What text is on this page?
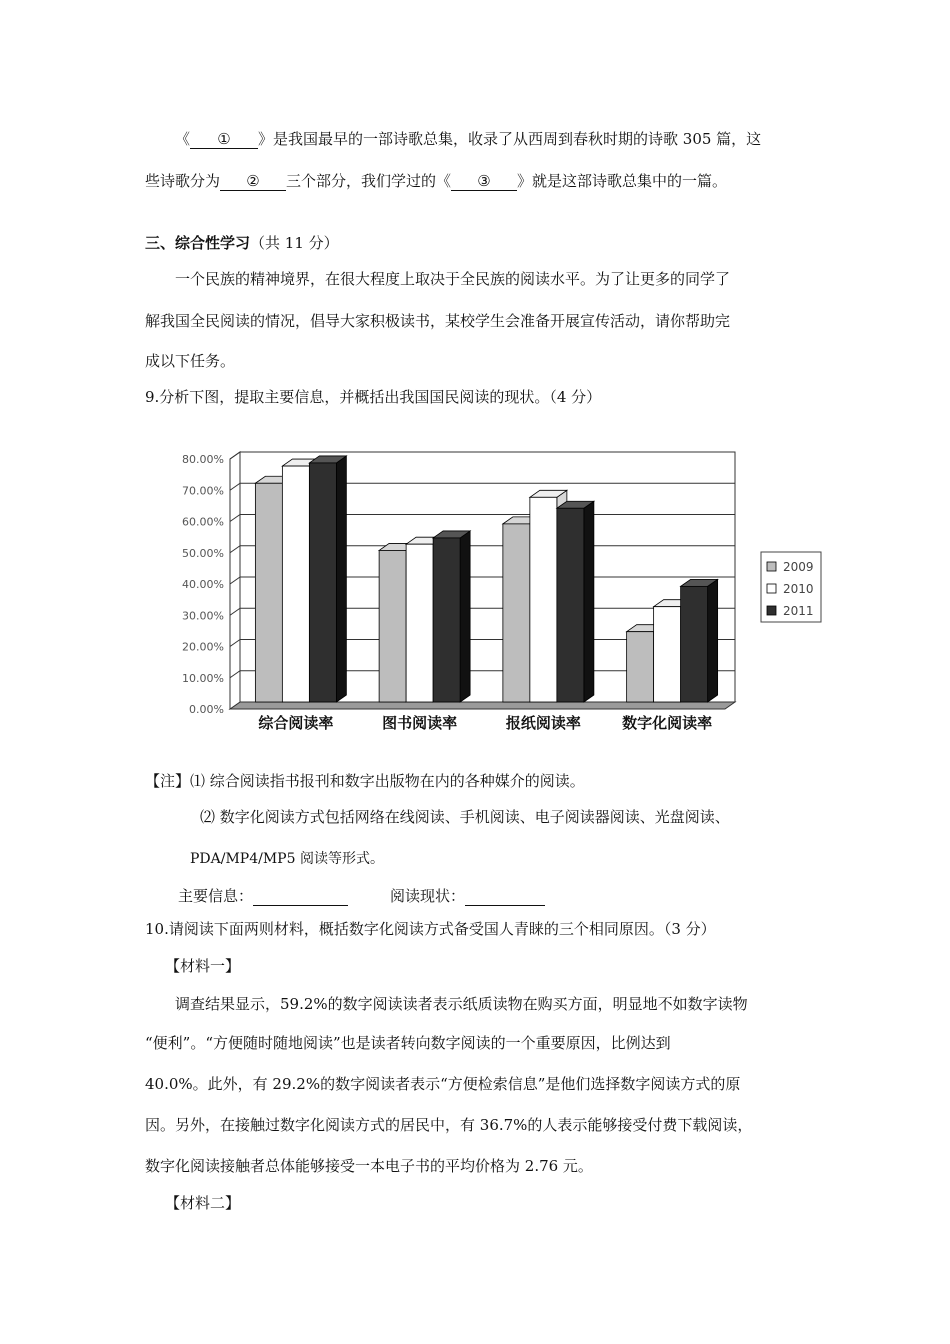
《 ① 》是我国最早的一部诗歌总集，收录了从西周到春秋时期的诗歌 305 篇，这
些诗歌分为 ② 三个部分，我们学过的《 ③ 》就是这部诗歌总集中的一篇。
三、综合性学习（共 11 分）
一个民族的精神境界，在很大程度上取决于全民族的阅读水平。为了让更多的同学了
解我国全民阅读的情况，倡导大家积极读书，某校学生会准备开展宣传活动，请你帮助完
成以下任务。
9.分析下图，提取主要信息，并概括出我国国民阅读的现状。（4 分）
0.00%
10.00%
20.00%
30.00%
40.00%
50.00%
60.00%
70.00%
80.00%
综合阅读率	图书阅读率	报纸阅读率	数字化阅读率
2009
2010
2011
【注】⑴ 综合阅读指书报刊和数字出版物在内的各种媒介的阅读。
⑵ 数字化阅读方式包括网络在线阅读、手机阅读、电子阅读器阅读、光盘阅读、
PDA/MP4/MP5 阅读等形式。
主要信息：	阅读现状：
10.请阅读下面两则材料，概括数字化阅读方式备受国人青睐的三个相同原因。（3 分）
【材料一】
调查结果显示，59.2%的数字阅读读者表示纸质读物在购买方面，明显地不如数字读物
“便利”。“方便随时随地阅读”也是读者转向数字阅读的一个重要原因，比例达到
40.0%。此外，有 29.2%的数字阅读者表示“方便检索信息”是他们选择数字阅读方式的原
因。另外，在接触过数字化阅读方式的居民中，有 36.7%的人表示能够接受付费下载阅读，
数字化阅读接触者总体能够接受一本电子书的平均价格为 2.76 元。
【材料二】
